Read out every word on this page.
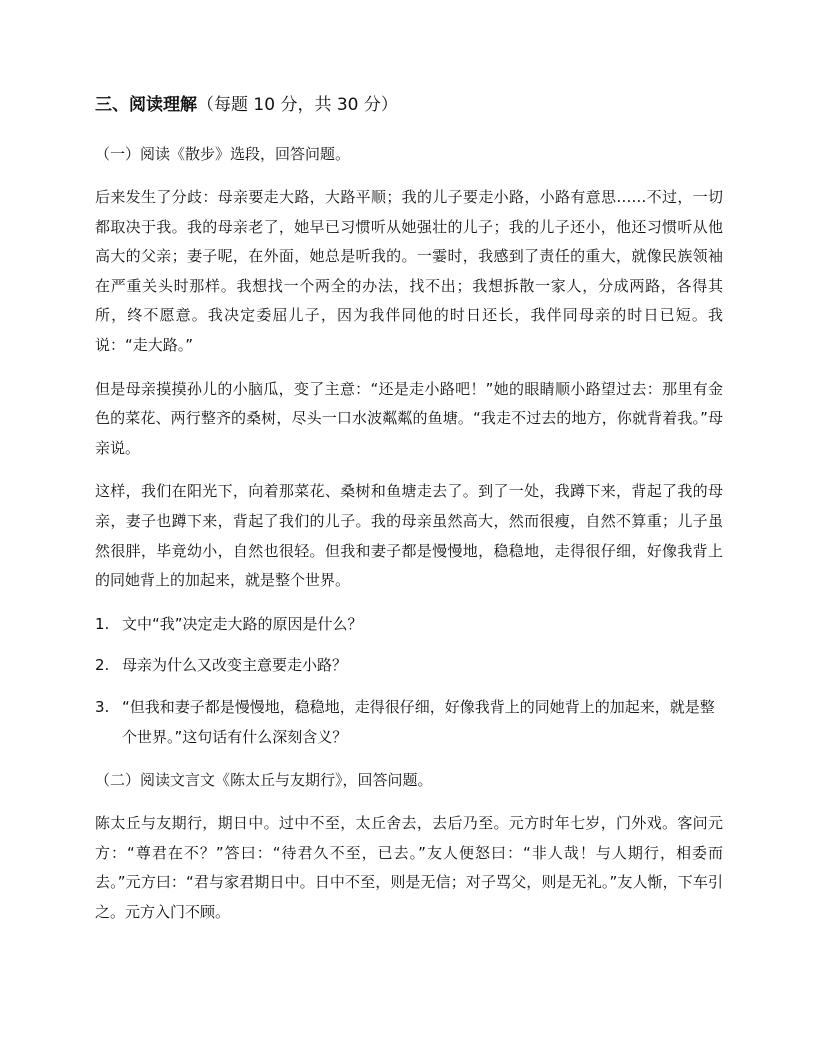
三、阅读理解（每题 10 分，共 30 分）
（一）阅读《散步》选段，回答问题。

后来发生了分歧：母亲要走大路，大路平顺；我的儿子要走小路，小路有意思……不过，一切都取决于我。我的母亲老了，她早已习惯听从她强壮的儿子；我的儿子还小，他还习惯听从他高大的父亲；妻子呢，在外面，她总是听我的。一霎时，我感到了责任的重大，就像民族领袖在严重关头时那样。我想找一个两全的办法，找不出；我想拆散一家人，分成两路，各得其所，终不愿意。我决定委屈儿子，因为我伴同他的时日还长，我伴同母亲的时日已短。我说：“走大路。”

但是母亲摸摸孙儿的小脑瓜，变了主意：“还是走小路吧！”她的眼睛顺小路望过去：那里有金色的菜花、两行整齐的桑树，尽头一口水波粼粼的鱼塘。“我走不过去的地方，你就背着我。”母亲说。

这样，我们在阳光下，向着那菜花、桑树和鱼塘走去了。到了一处，我蹲下来，背起了我的母亲，妻子也蹲下来，背起了我们的儿子。我的母亲虽然高大，然而很瘦，自然不算重；儿子虽然很胖，毕竟幼小，自然也很轻。但我和妻子都是慢慢地，稳稳地，走得很仔细，好像我背上的同她背上的加起来，就是整个世界。

1. 文中“我”决定走大路的原因是什么？
2. 母亲为什么又改变主意要走小路？
3. “但我和妻子都是慢慢地，稳稳地，走得很仔细，好像我背上的同她背上的加起来，就是整个世界。”这句话有什么深刻含义？
（二）阅读文言文《陈太丘与友期行》，回答问题。

陈太丘与友期行，期日中。过中不至，太丘舍去，去后乃至。元方时年七岁，门外戏。客问元方：“尊君在不？”答曰：“待君久不至，已去。”友人便怒曰：“非人哉！与人期行，相委而去。”元方曰：“君与家君期日中。日中不至，则是无信；对子骂父，则是无礼。”友人惭，下车引之。元方入门不顾。
